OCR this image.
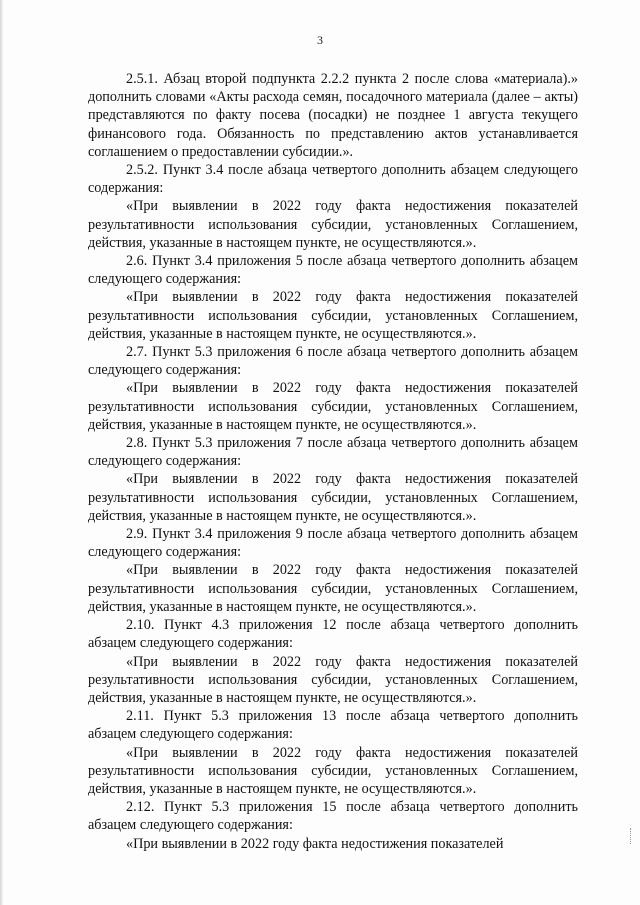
3

2.5.1. Абзац второй подпункта 2.2.2 пункта 2 после слова «материала).» дополнить словами «Акты расхода семян, посадочного материала (далее – акты) представляются по факту посева (посадки) не позднее 1 августа текущего финансового года. Обязанность по представлению актов устанавливается соглашением о предоставлении субсидии.».

2.5.2. Пункт 3.4 после абзаца четвертого дополнить абзацем следующего содержания:

«При выявлении в 2022 году факта недостижения показателей результативности использования субсидии, установленных Соглашением, действия, указанные в настоящем пункте, не осуществляются.».

2.6. Пункт 3.4 приложения 5 после абзаца четвертого дополнить абзацем следующего содержания:

«При выявлении в 2022 году факта недостижения показателей результативности использования субсидии, установленных Соглашением, действия, указанные в настоящем пункте, не осуществляются.».

2.7. Пункт 5.3 приложения 6 после абзаца четвертого дополнить абзацем следующего содержания:

«При выявлении в 2022 году факта недостижения показателей результативности использования субсидии, установленных Соглашением, действия, указанные в настоящем пункте, не осуществляются.».

2.8. Пункт 5.3 приложения 7 после абзаца четвертого дополнить абзацем следующего содержания:

«При выявлении в 2022 году факта недостижения показателей результативности использования субсидии, установленных Соглашением, действия, указанные в настоящем пункте, не осуществляются.».

2.9. Пункт 3.4 приложения 9 после абзаца четвертого дополнить абзацем следующего содержания:

«При выявлении в 2022 году факта недостижения показателей результативности использования субсидии, установленных Соглашением, действия, указанные в настоящем пункте, не осуществляются.».

2.10. Пункт 4.3 приложения 12 после абзаца четвертого дополнить абзацем следующего содержания:

«При выявлении в 2022 году факта недостижения показателей результативности использования субсидии, установленных Соглашением, действия, указанные в настоящем пункте, не осуществляются.».

2.11. Пункт 5.3 приложения 13 после абзаца четвертого дополнить абзацем следующего содержания:

«При выявлении в 2022 году факта недостижения показателей результативности использования субсидии, установленных Соглашением, действия, указанные в настоящем пункте, не осуществляются.».

2.12. Пункт 5.3 приложения 15 после абзаца четвертого дополнить абзацем следующего содержания:

«При выявлении в 2022 году факта недостижения показателей
